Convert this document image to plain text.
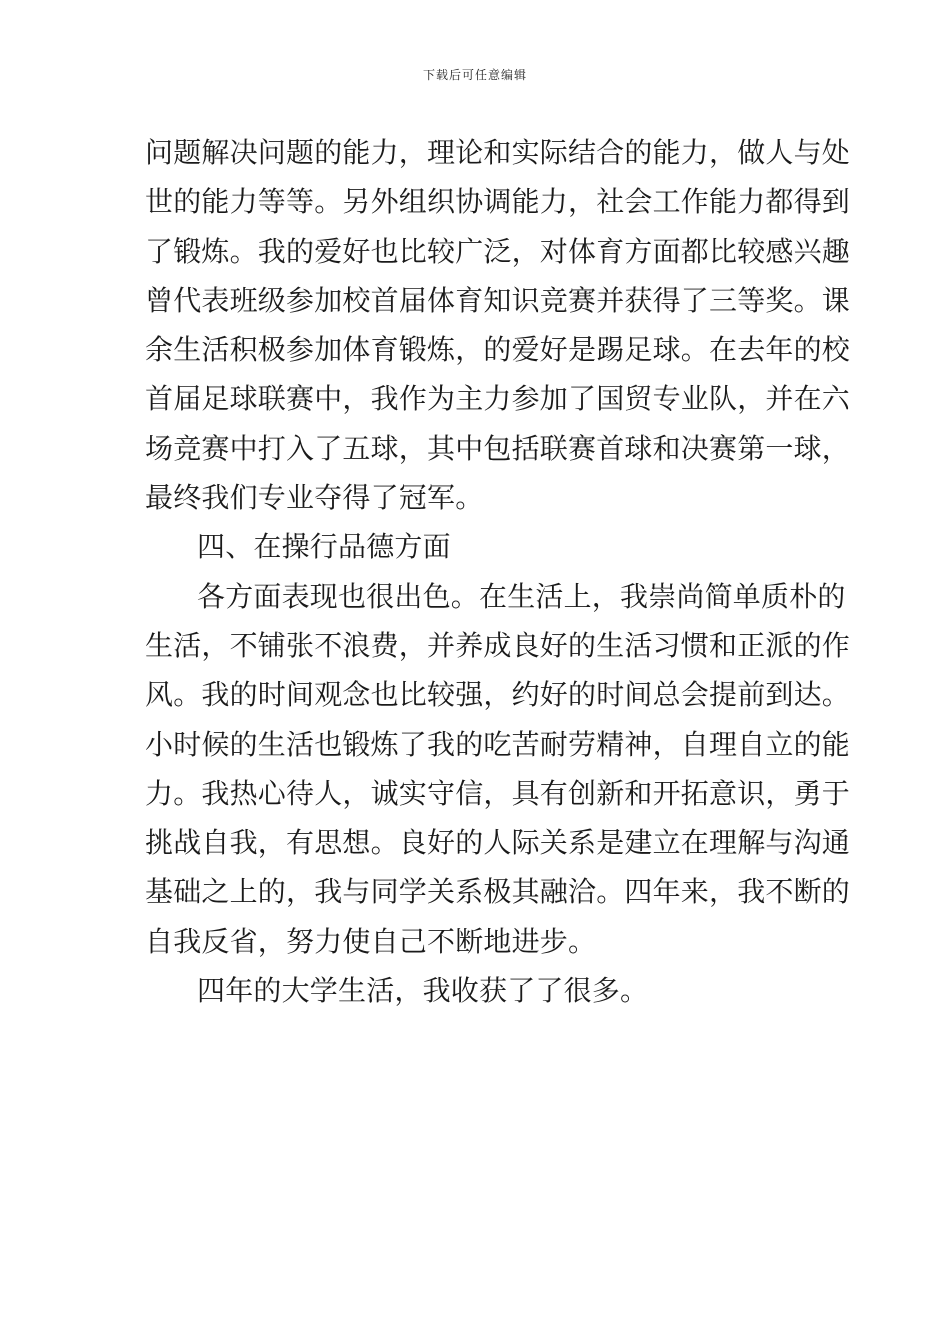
下载后可任意编辑
问题解决问题的能力，理论和实际结合的能力，做人与处
世的能力等等。另外组织协调能力，社会工作能力都得到
了锻炼。我的爱好也比较广泛，对体育方面都比较感兴趣
曾代表班级参加校首届体育知识竞赛并获得了三等奖。课
余生活积极参加体育锻炼，的爱好是踢足球。在去年的校
首届足球联赛中，我作为主力参加了国贸专业队，并在六
场竞赛中打入了五球，其中包括联赛首球和决赛第一球，
最终我们专业夺得了冠军。
四、在操行品德方面
各方面表现也很出色。在生活上，我崇尚简单质朴的
生活，不铺张不浪费，并养成良好的生活习惯和正派的作
风。我的时间观念也比较强，约好的时间总会提前到达。
小时候的生活也锻炼了我的吃苦耐劳精神，自理自立的能
力。我热心待人，诚实守信，具有创新和开拓意识，勇于
挑战自我，有思想。良好的人际关系是建立在理解与沟通
基础之上的，我与同学关系极其融洽。四年来，我不断的
自我反省，努力使自己不断地进步。
四年的大学生活，我收获了了很多。
